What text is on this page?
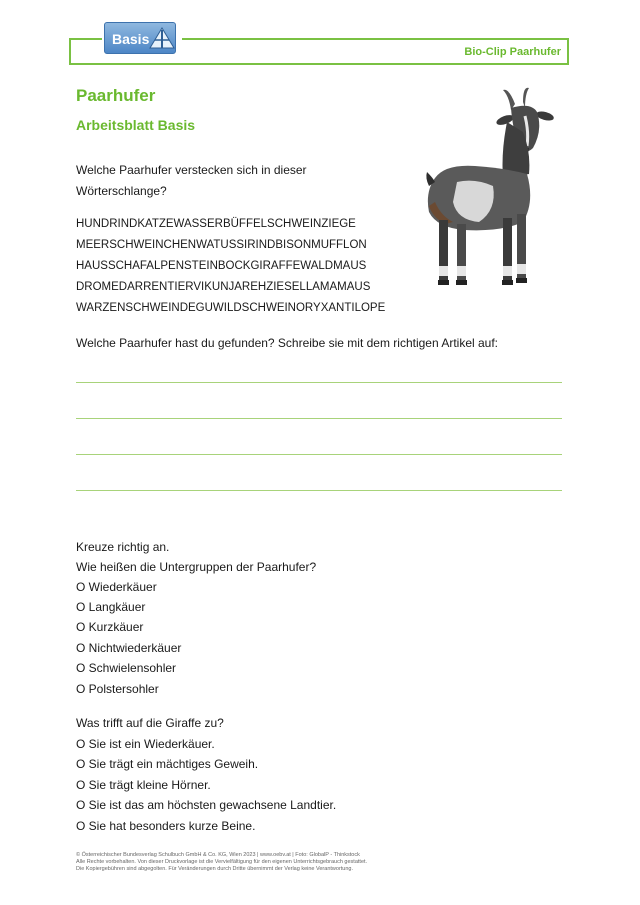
Bio-Clip Paarhufer
Basis
Paarhufer
Arbeitsblatt Basis
Welche Paarhufer verstecken sich in dieser
Wörterschlange?
HUNDRINDKATZEWASSERBÜFFELSCHWEINZIEGE
MEERSCHWEINCHENWATUSSIRINDBISONMUFFLON
HAUSSCHAFALPENSTEINBOCKGIRAFFEWALDMAUS
DROMEDARRENTIERVIKUNJAREHZIESELLAMAMAUS
WARZENSCHWEINDEGUWILDSCHWEINORYXANTILOPE
Welche Paarhufer hast du gefunden? Schreibe sie mit dem richtigen Artikel auf:
Kreuze richtig an.
Wie heißen die Untergruppen der Paarhufer?
O Wiederkäuer
O Langkäuer
O Kurzkäuer
O Nichtwiederkäuer
O Schwielensohler
O Polstersohler
Was trifft auf die Giraffe zu?
O Sie ist ein Wiederkäuer.
O Sie trägt ein mächtiges Geweih.
O Sie trägt kleine Hörner.
O Sie ist das am höchsten gewachsene Landtier.
O Sie hat besonders kurze Beine.
© Österreichischer Bundesverlag Schulbuch GmbH & Co. KG, Wien 2023 | www.oebv.at | Foto: GlobalP - Thinkstock
Alle Rechte vorbehalten. Von dieser Druckvorlage ist die Vervielfältigung für den eigenen Unterrichtsgebrauch gestattet.
Die Kopiergebühren sind abgegolten. Für Veränderungen durch Dritte übernimmt der Verlag keine Verantwortung.
